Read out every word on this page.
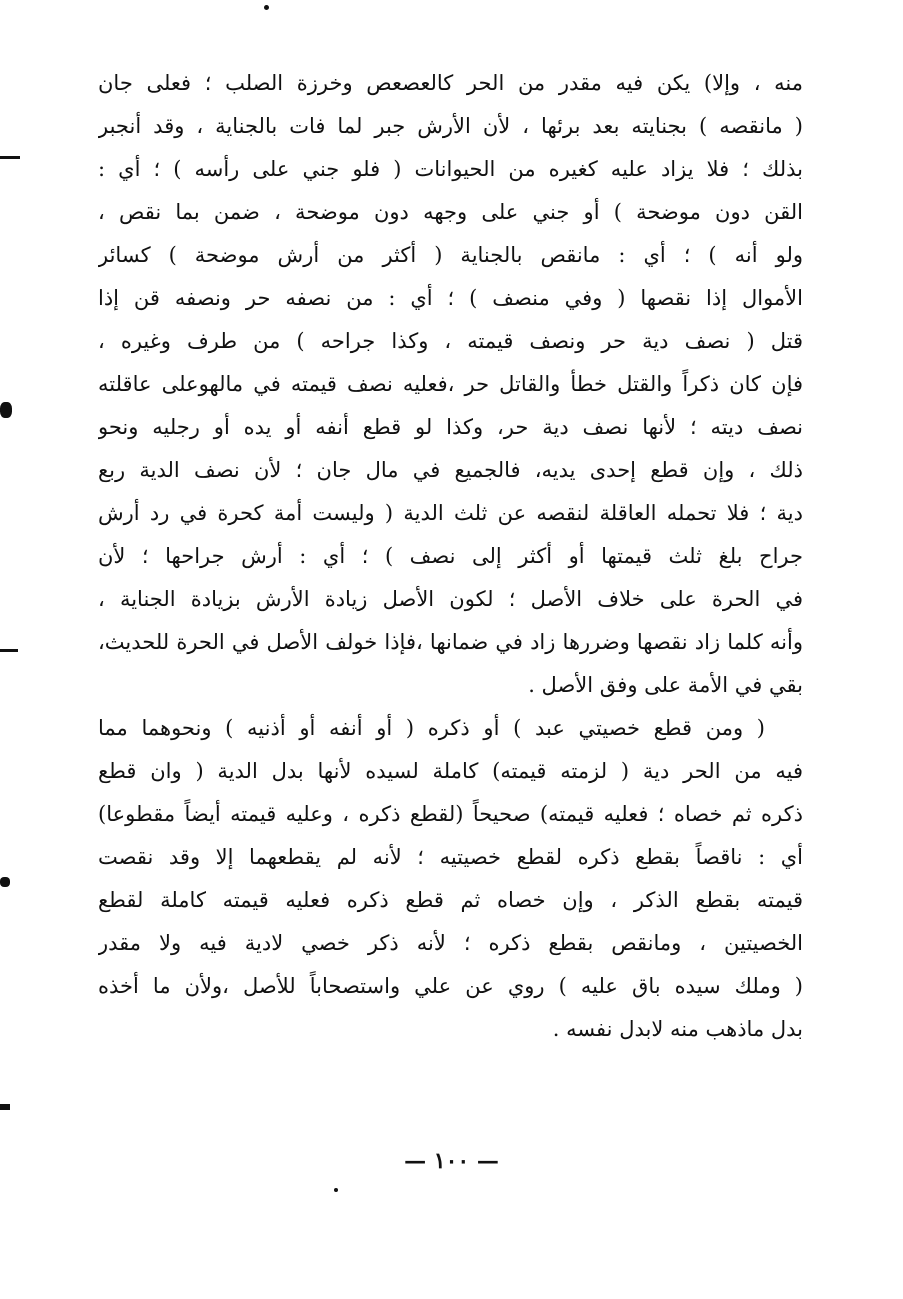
منه ، وإلا) يكن فيه مقدر من الحر كالعصعص وخرزة الصلب ؛ فعلى جان
( مانقصه ) بجنايته بعد برئها ، لأن الأرش جبر لما فات بالجناية ، وقد أنجبر
بذلك ؛ فلا يزاد عليه كغيره من الحيوانات ( فلو جني على رأسه ) ؛ أي :
القن دون موضحة ) أو جني على وجهه دون موضحة ، ضمن بما نقص ،
ولو أنه ) ؛ أي : مانقص بالجناية ( أكثر من أرش موضحة ) كسائر
الأموال إذا نقصها ( وفي منصف ) ؛ أي : من نصفه حر ونصفه قن إذا
قتل ( نصف دية حر ونصف قيمته ، وكذا جراحه ) من طرف وغيره ،
فإن كان ذكراً والقتل خطأ والقاتل حر ،فعليه نصف قيمته في مالهوعلى عاقلته
نصف ديته ؛ لأنها نصف دية حر، وكذا لو قطع أنفه أو يده أو رجليه ونحو
ذلك ، وإن قطع إحدى يديه، فالجميع في مال جان ؛ لأن نصف الدية ربع
دية ؛ فلا تحمله العاقلة لنقصه عن ثلث الدية ( وليست أمة كحرة في رد أرش
جراح بلغ ثلث قيمتها أو أكثر إلى نصف ) ؛ أي : أرش جراحها ؛ لأن
في الحرة على خلاف الأصل ؛ لكون الأصل زيادة الأرش بزيادة الجناية ،
وأنه كلما زاد نقصها وضررها زاد في ضمانها ،فإذا خولف الأصل في الحرة للحديث،
بقي في الأمة على وفق الأصل .
( ومن قطع خصيتي عبد ) أو ذكره ( أو أنفه أو أذنيه ) ونحوهما مما
فيه من الحر دية ( لزمته قيمته) كاملة لسيده لأنها بدل الدية ( وان قطع
ذكره ثم خصاه ؛ فعليه قيمته) صحيحاً (لقطع ذكره ، وعليه قيمته أيضاً مقطوعا)
أي : ناقصاً بقطع ذكره لقطع خصيتيه ؛ لأنه لم يقطعهما إلا وقد نقصت
قيمته بقطع الذكر ، وإن خصاه ثم قطع ذكره فعليه قيمته كاملة لقطع
الخصيتين ، ومانقص بقطع ذكره ؛ لأنه ذكر خصي لادية فيه ولا مقدر
( وملك سيده باق عليه ) روي عن علي واستصحاباً للأصل ،ولأن ما أخذه
بدل ماذهب منه لابدل نفسه .
— ١٠٠ —
